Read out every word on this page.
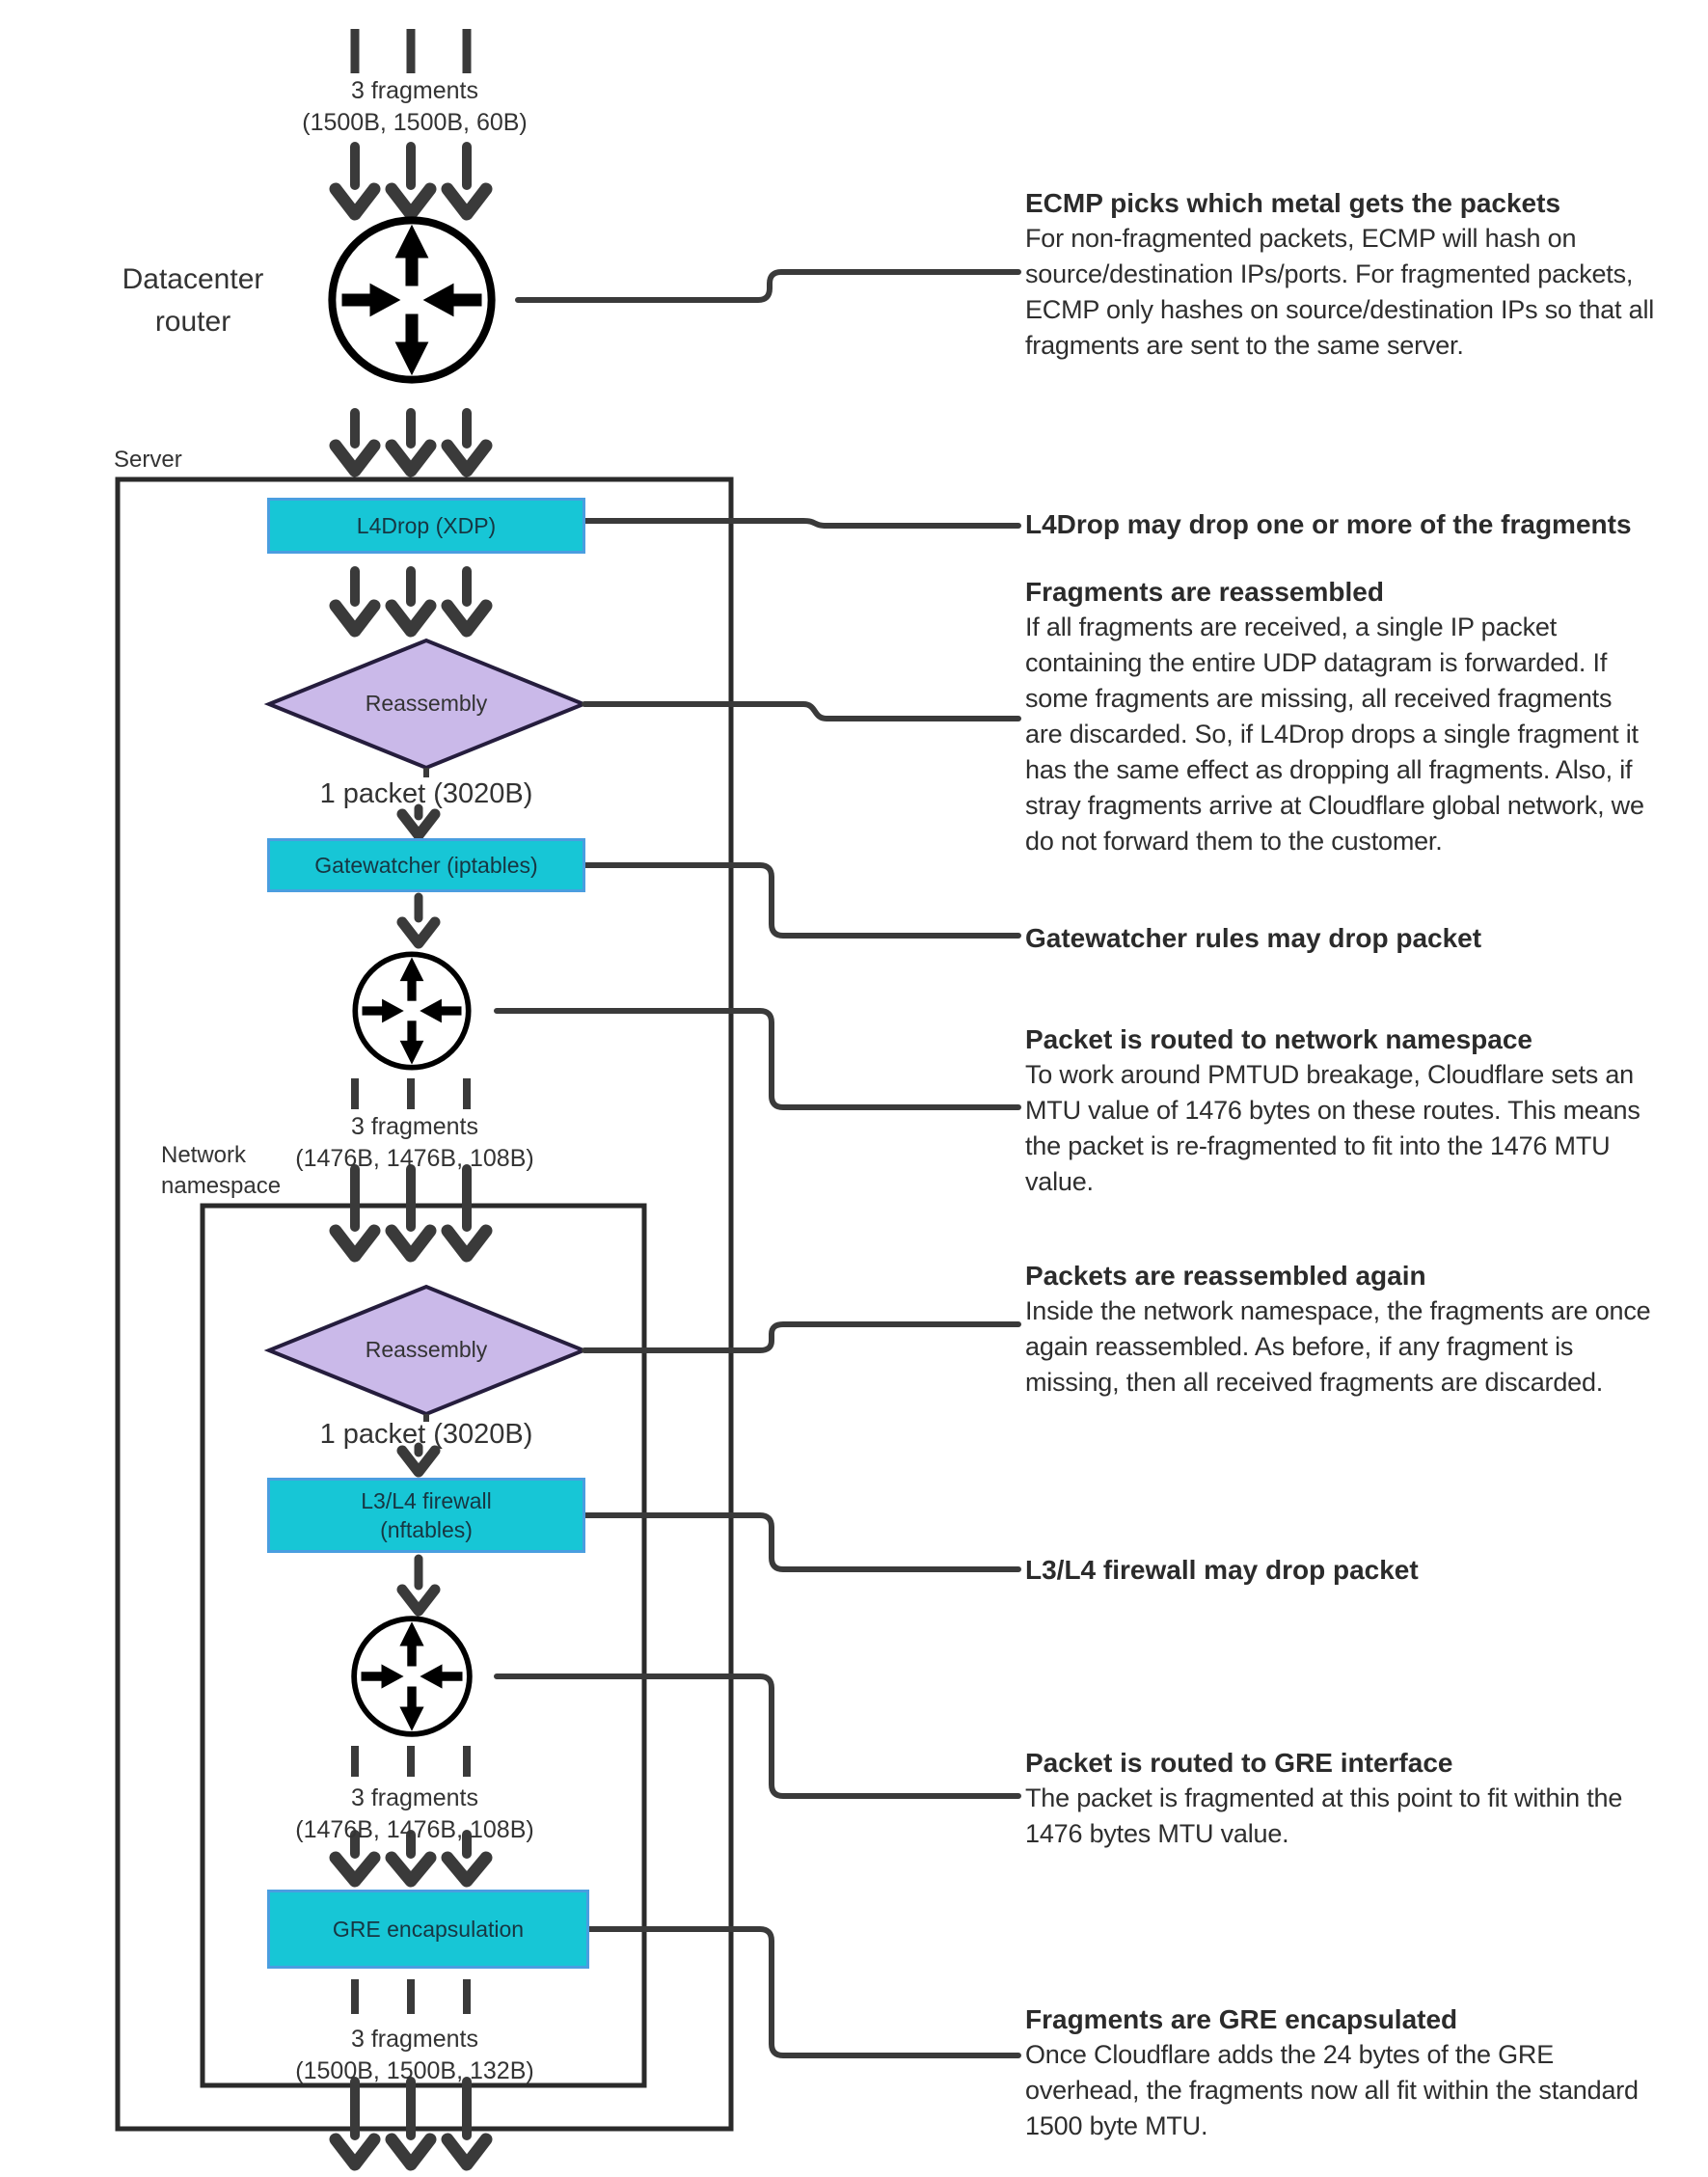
3 fragments
(1500B, 1500B, 60B)
Datacenter
router
Server
L4Drop (XDP)
Reassembly
1 packet (3020B)
Gatewatcher (iptables)
3 fragments
(1476B, 1476B, 108B)
Network
namespace
Reassembly
1 packet (3020B)
L3/L4 firewall
(nftables)
3 fragments
(1476B, 1476B, 108B)
GRE encapsulation
3 fragments
(1500B, 1500B, 132B)
ECMP picks which metal gets the packets
For non-fragmented packets, ECMP will hash on
source/destination IPs/ports. For fragmented packets,
ECMP only hashes on source/destination IPs so that all
fragments are sent to the same server.
L4Drop may drop one or more of the fragments
Fragments are reassembled
If all fragments are received, a single IP packet
containing the entire UDP datagram is forwarded. If
some fragments are missing, all received fragments
are discarded. So, if L4Drop drops a single fragment it
has the same effect as dropping all fragments. Also, if
stray fragments arrive at Cloudflare global network, we
do not forward them to the customer.
Gatewatcher rules may drop packet
Packet is routed to network namespace
To work around PMTUD breakage, Cloudflare sets an
MTU value of 1476 bytes on these routes. This means
the packet is re-fragmented to fit into the 1476 MTU
value.
Packets are reassembled again
Inside the network namespace, the fragments are once
again reassembled. As before, if any fragment is
missing, then all received fragments are discarded.
L3/L4 firewall may drop packet
Packet is routed to GRE interface
The packet is fragmented at this point to fit within the
1476 bytes MTU value.
Fragments are GRE encapsulated
Once Cloudflare adds the 24 bytes of the GRE
overhead, the fragments now all fit within the standard
1500 byte MTU.
